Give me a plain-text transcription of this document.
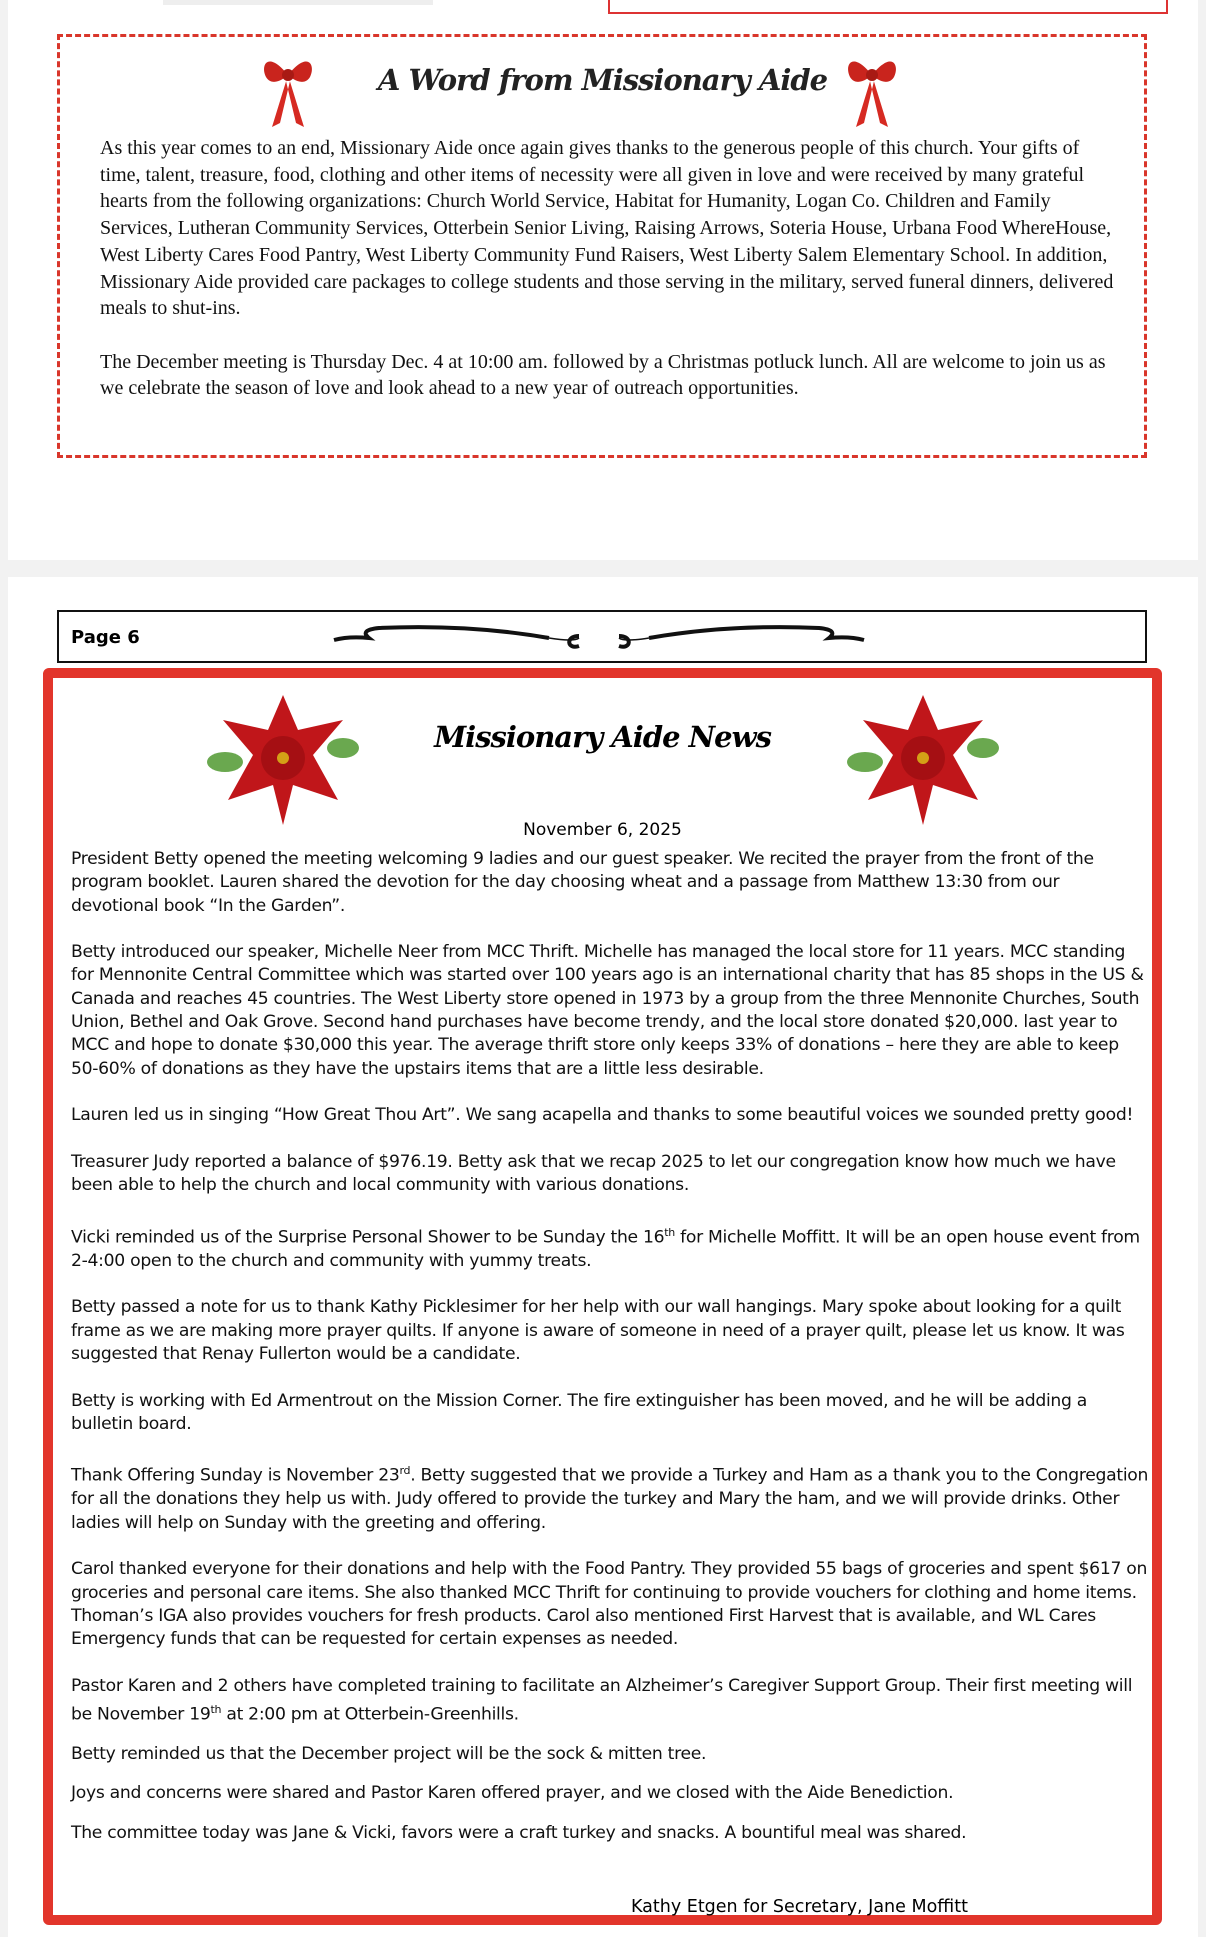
A Word from Missionary Aide

As this year comes to an end, Missionary Aide once again gives thanks to the generous people of this church. Your gifts of time, talent, treasure, food, clothing and other items of necessity were all given in love and were received by many grateful hearts from the following organizations: Church World Service, Habitat for Humanity, Logan Co. Children and Family Services, Lutheran Community Services, Otterbein Senior Living, Raising Arrows, Soteria House, Urbana Food WhereHouse, West Liberty Cares Food Pantry, West Liberty Community Fund Raisers, West Liberty Salem Elementary School. In addition, Missionary Aide provided care packages to college students and those serving in the military, served funeral dinners, delivered meals to shut-ins.

The December meeting is Thursday Dec. 4 at 10:00 am. followed by a Christmas potluck lunch. All are welcome to join us as we celebrate the season of love and look ahead to a new year of outreach opportunities.

Page 6
Missionary Aide News
November 6, 2025

President Betty opened the meeting welcoming 9 ladies and our guest speaker. We recited the prayer from the front of the program booklet. Lauren shared the devotion for the day choosing wheat and a passage from Matthew 13:30 from our devotional book “In the Garden”.

Betty introduced our speaker, Michelle Neer from MCC Thrift. Michelle has managed the local store for 11 years. MCC standing for Mennonite Central Committee which was started over 100 years ago is an international charity that has 85 shops in the US & Canada and reaches 45 countries. The West Liberty store opened in 1973 by a group from the three Mennonite Churches, South Union, Bethel and Oak Grove. Second hand purchases have become trendy, and the local store donated $20,000. last year to MCC and hope to donate $30,000 this year. The average thrift store only keeps 33% of donations – here they are able to keep 50-60% of donations as they have the upstairs items that are a little less desirable.

Lauren led us in singing “How Great Thou Art”. We sang acapella and thanks to some beautiful voices we sounded pretty good!

Treasurer Judy reported a balance of $976.19. Betty ask that we recap 2025 to let our congregation know how much we have been able to help the church and local community with various donations.

Vicki reminded us of the Surprise Personal Shower to be Sunday the 16th for Michelle Moffitt. It will be an open house event from 2-4:00 open to the church and community with yummy treats.

Betty passed a note for us to thank Kathy Picklesimer for her help with our wall hangings. Mary spoke about looking for a quilt frame as we are making more prayer quilts. If anyone is aware of someone in need of a prayer quilt, please let us know. It was suggested that Renay Fullerton would be a candidate.

Betty is working with Ed Armentrout on the Mission Corner. The fire extinguisher has been moved, and he will be adding a bulletin board.

Thank Offering Sunday is November 23rd. Betty suggested that we provide a Turkey and Ham as a thank you to the Congregation for all the donations they help us with. Judy offered to provide the turkey and Mary the ham, and we will provide drinks. Other ladies will help on Sunday with the greeting and offering.

Carol thanked everyone for their donations and help with the Food Pantry. They provided 55 bags of groceries and spent $617 on groceries and personal care items. She also thanked MCC Thrift for continuing to provide vouchers for clothing and home items. Thoman’s IGA also provides vouchers for fresh products. Carol also mentioned First Harvest that is available, and WL Cares Emergency funds that can be requested for certain expenses as needed.

Pastor Karen and 2 others have completed training to facilitate an Alzheimer’s Caregiver Support Group. Their first meeting will be November 19th at 2:00 pm at Otterbein-Greenhills.

Betty reminded us that the December project will be the sock & mitten tree.

Joys and concerns were shared and Pastor Karen offered prayer, and we closed with the Aide Benediction.

The committee today was Jane & Vicki, favors were a craft turkey and snacks. A bountiful meal was shared.

Kathy Etgen for Secretary, Jane Moffitt
